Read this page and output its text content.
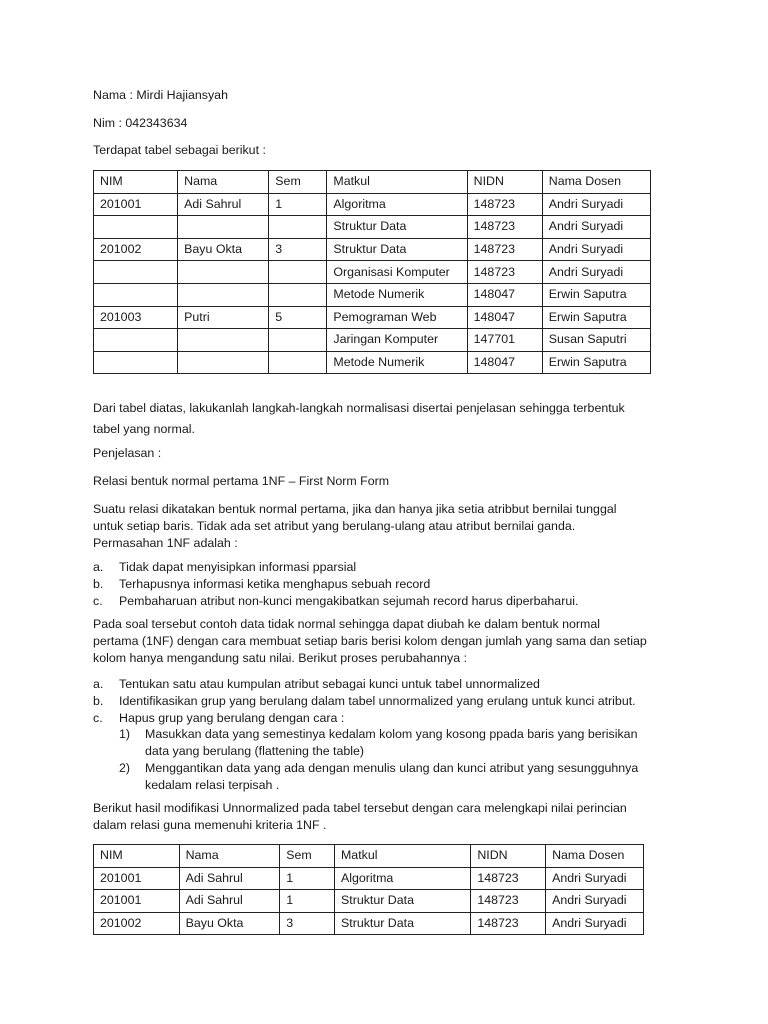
Nama : Mirdi Hajiansyah
Nim : 042343634
Terdapat tabel sebagai berikut :
NIM	Nama	Sem	Matkul	NIDN	Nama Dosen
201001	Adi Sahrul	1	Algoritma	148723	Andri Suryadi
			Struktur Data	148723	Andri Suryadi
201002	Bayu Okta	3	Struktur Data	148723	Andri Suryadi
			Organisasi Komputer	148723	Andri Suryadi
			Metode Numerik	148047	Erwin Saputra
201003	Putri	5	Pemograman Web	148047	Erwin Saputra
			Jaringan Komputer	147701	Susan Saputri
			Metode Numerik	148047	Erwin Saputra

Dari tabel diatas, lakukanlah langkah-langkah normalisasi disertai penjelasan sehingga terbentuk

tabel yang normal.

Penjelasan :
Relasi bentuk normal pertama 1NF – First Norm Form

Suatu relasi dikatakan bentuk normal pertama, jika dan hanya jika setia atribbut bernilai tunggal

untuk setiap baris. Tidak ada set atribut yang berulang-ulang atau atribut bernilai ganda.

Permasahan 1NF adalah :

a. Tidak dapat menyisipkan informasi pparsial
b. Terhapusnya informasi ketika menghapus sebuah record
c. Pembaharuan atribut non-kunci mengakibatkan sejumah record harus diperbaharui.

Pada soal tersebut contoh data tidak normal sehingga dapat diubah ke dalam bentuk normal

pertama (1NF) dengan cara membuat setiap baris berisi kolom dengan jumlah yang sama dan setiap

kolom hanya mengandung satu nilai. Berikut proses perubahannya :

a. Tentukan satu atau kumpulan atribut sebagai kunci untuk tabel unnormalized
b. Identifikasikan grup yang berulang dalam tabel unnormalized yang erulang untuk kunci atribut.
c. Hapus grup yang berulang dengan cara :
1) Masukkan data yang semestinya kedalam kolom yang kosong ppada baris yang berisikan
data yang berulang (flattening the table)
2) Menggantikan data yang ada dengan menulis ulang dan kunci atribut yang sesungguhnya
kedalam relasi terpisah .

Berikut hasil modifikasi Unnormalized pada tabel tersebut dengan cara melengkapi nilai perincian

dalam relasi guna memenuhi kriteria 1NF .

NIM	Nama	Sem	Matkul	NIDN	Nama Dosen
201001	Adi Sahrul	1	Algoritma	148723	Andri Suryadi
201001	Adi Sahrul	1	Struktur Data	148723	Andri Suryadi
201002	Bayu Okta	3	Struktur Data	148723	Andri Suryadi
